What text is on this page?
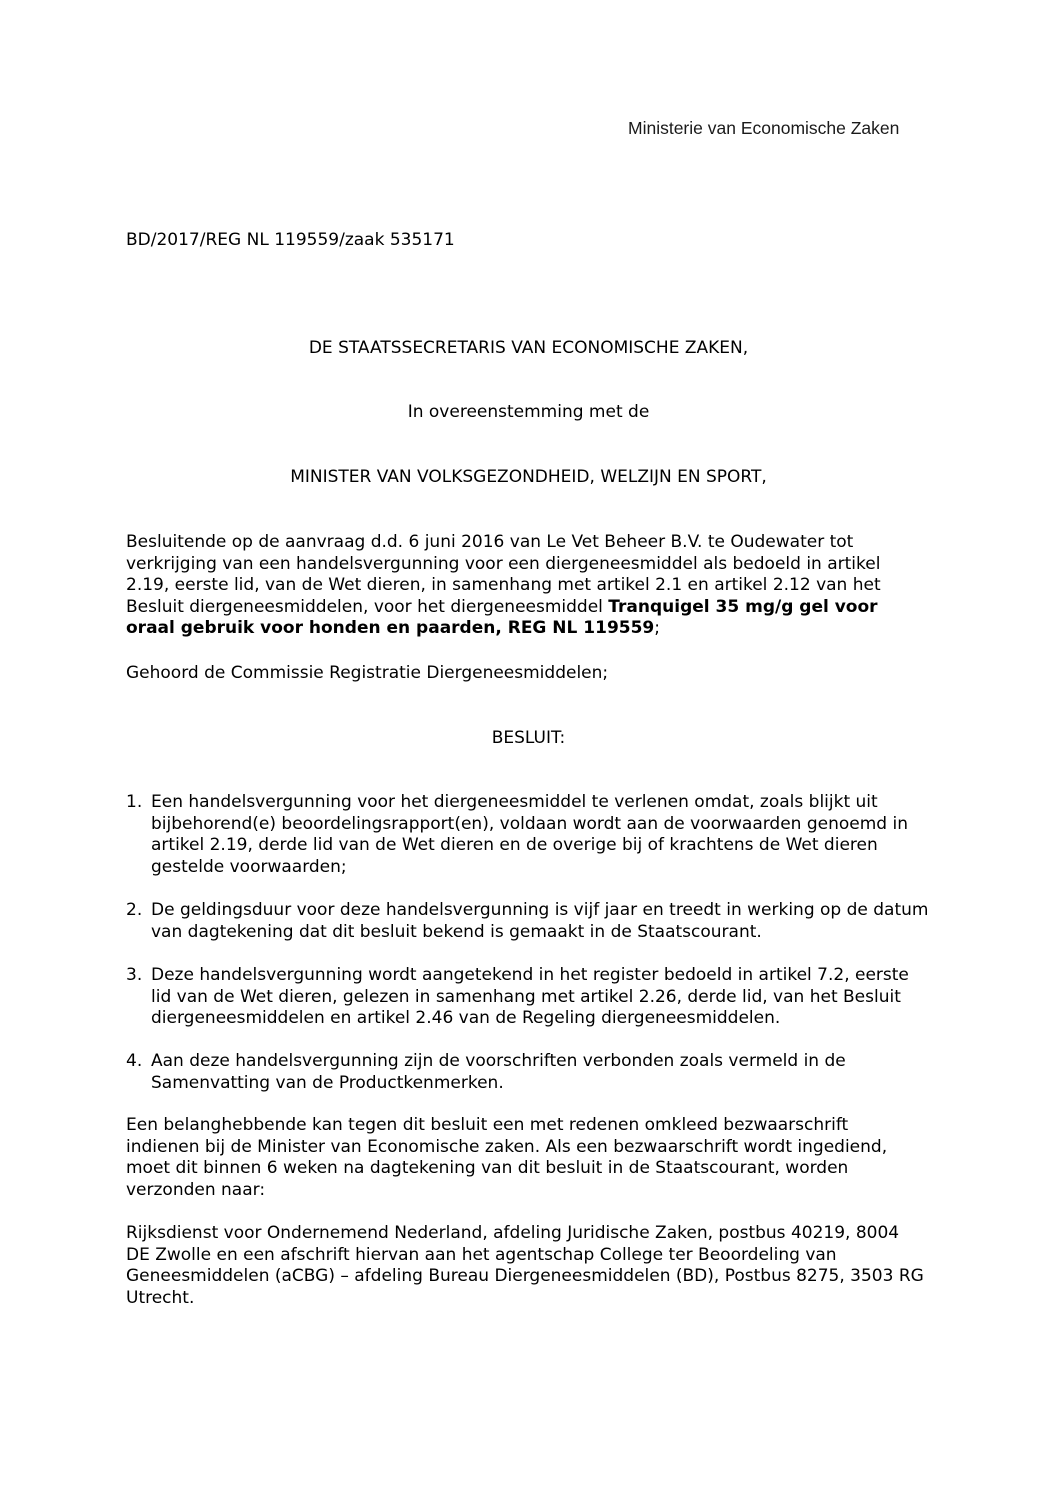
Ministerie van Economische Zaken
BD/2017/REG NL 119559/zaak 535171
DE STAATSSECRETARIS VAN ECONOMISCHE ZAKEN,
In overeenstemming met de
MINISTER VAN VOLKSGEZONDHEID, WELZIJN EN SPORT,
Besluitende op de aanvraag d.d. 6 juni 2016 van Le Vet Beheer B.V. te Oudewater tot verkrijging van een handelsvergunning voor een diergeneesmiddel als bedoeld in artikel 2.19, eerste lid, van de Wet dieren, in samenhang met artikel 2.1 en artikel 2.12 van het Besluit diergeneesmiddelen, voor het diergeneesmiddel Tranquigel 35 mg/g gel voor oraal gebruik voor honden en paarden, REG NL 119559;
Gehoord de Commissie Registratie Diergeneesmiddelen;
BESLUIT:
1. Een handelsvergunning voor het diergeneesmiddel te verlenen omdat, zoals blijkt uit bijbehorend(e) beoordelingsrapport(en), voldaan wordt aan de voorwaarden genoemd in artikel 2.19, derde lid van de Wet dieren en de overige bij of krachtens de Wet dieren gestelde voorwaarden;
2. De geldingsduur voor deze handelsvergunning is vijf jaar en treedt in werking op de datum van dagtekening dat dit besluit bekend is gemaakt in de Staatscourant.
3. Deze handelsvergunning wordt aangetekend in het register bedoeld in artikel 7.2, eerste lid van de Wet dieren, gelezen in samenhang met artikel 2.26, derde lid, van het Besluit diergeneesmiddelen en artikel 2.46 van de Regeling diergeneesmiddelen.
4. Aan deze handelsvergunning zijn de voorschriften verbonden zoals vermeld in de Samenvatting van de Productkenmerken.
Een belanghebbende kan tegen dit besluit een met redenen omkleed bezwaarschrift indienen bij de Minister van Economische zaken. Als een bezwaarschrift wordt ingediend, moet dit binnen 6 weken na dagtekening van dit besluit in de Staatscourant, worden verzonden naar:
Rijksdienst voor Ondernemend Nederland, afdeling Juridische Zaken, postbus 40219, 8004 DE Zwolle en een afschrift hiervan aan het agentschap College ter Beoordeling van Geneesmiddelen (aCBG) – afdeling Bureau Diergeneesmiddelen (BD), Postbus 8275, 3503 RG Utrecht.
